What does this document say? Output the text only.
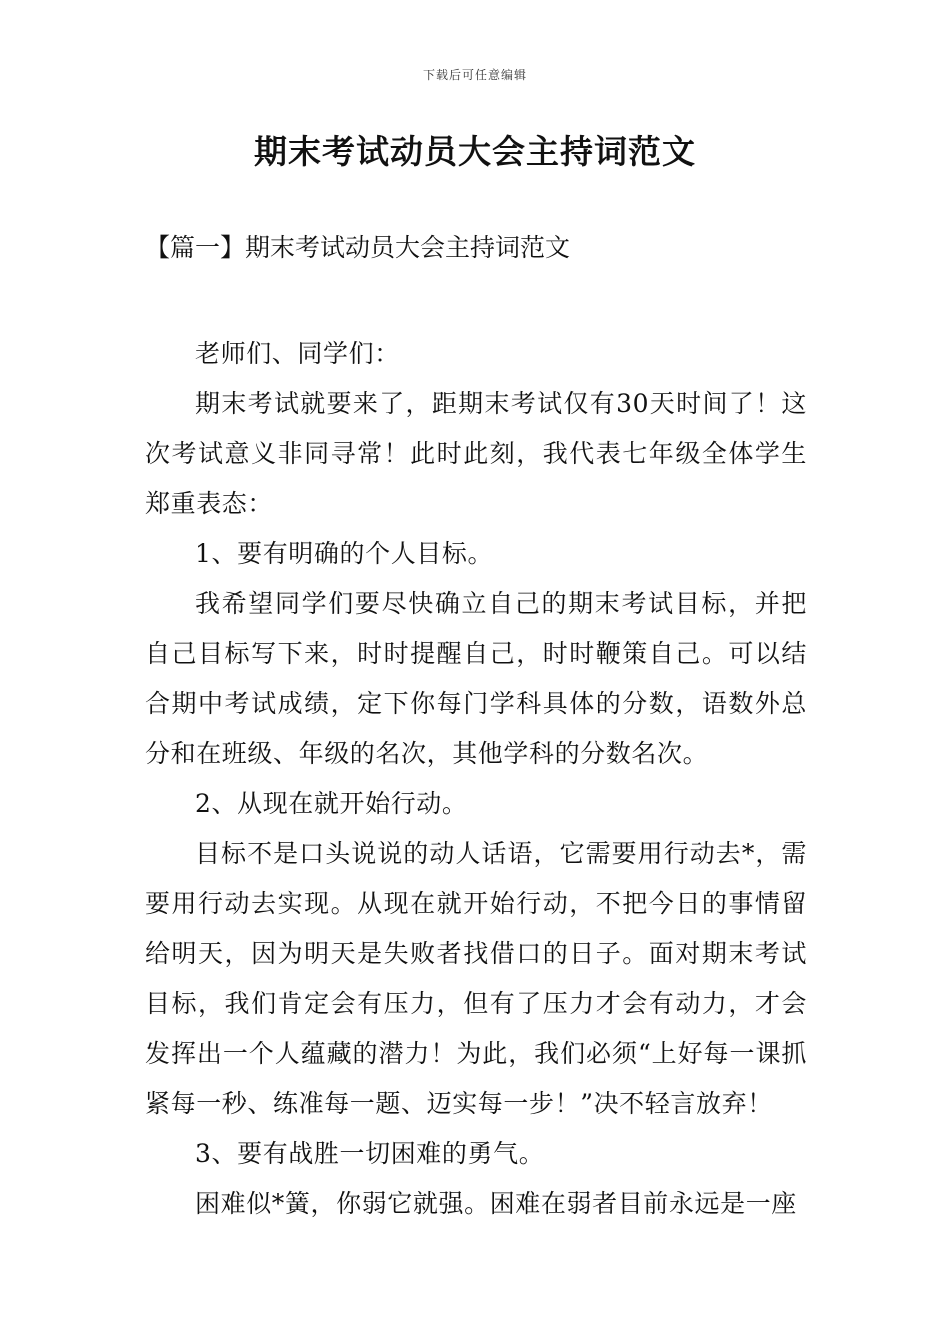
下载后可任意编辑
期末考试动员大会主持词范文
【篇一】期末考试动员大会主持词范文

老师们、同学们：

期末考试就要来了，距期末考试仅有30天时间了！这次考试意义非同寻常！此时此刻，我代表七年级全体学生郑重表态：

1、要有明确的个人目标。

我希望同学们要尽快确立自己的期末考试目标，并把自己目标写下来，时时提醒自己，时时鞭策自己。可以结合期中考试成绩，定下你每门学科具体的分数，语数外总分和在班级、年级的名次，其他学科的分数名次。

2、从现在就开始行动。

目标不是口头说说的动人话语，它需要用行动去*，需要用行动去实现。从现在就开始行动，不把今日的事情留给明天，因为明天是失败者找借口的日子。面对期末考试目标，我们肯定会有压力，但有了压力才会有动力，才会发挥出一个人蕴藏的潜力！为此，我们必须“上好每一课抓紧每一秒、练准每一题、迈实每一步！”决不轻言放弃！

3、要有战胜一切困难的勇气。

困难似*簧，你弱它就强。困难在弱者目前永远是一座
